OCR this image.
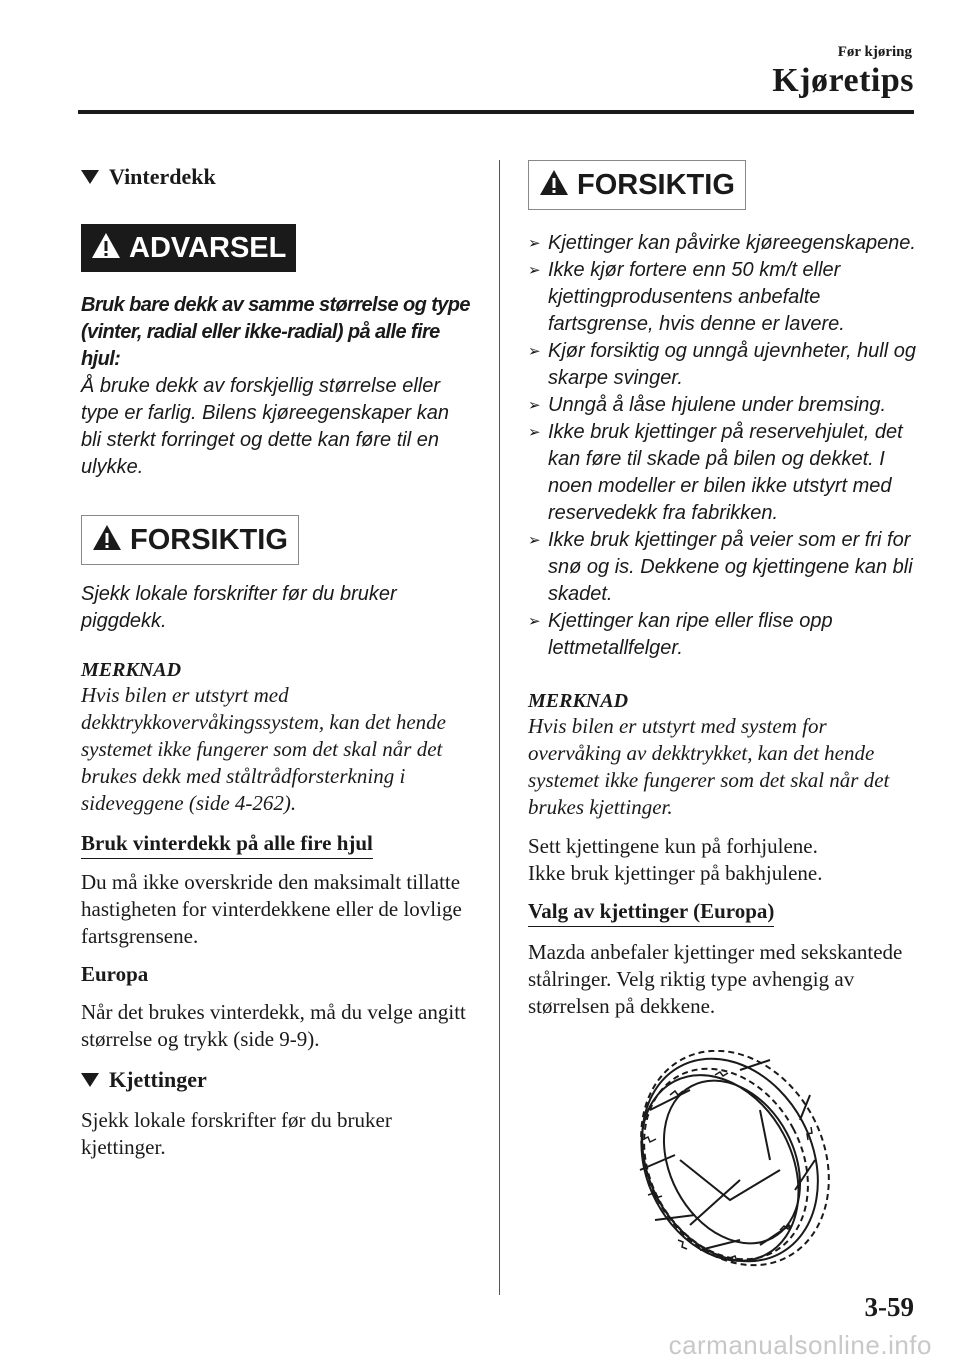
Før kjøring
Kjøretips
Vinterdekk
ADVARSEL
Bruk bare dekk av samme størrelse og type (vinter, radial eller ikke-radial) på alle fire hjul:
Å bruke dekk av forskjellig størrelse eller type er farlig. Bilens kjøreegenskaper kan bli sterkt forringet og dette kan føre til en ulykke.
FORSIKTIG
Sjekk lokale forskrifter før du bruker piggdekk.
MERKNAD
Hvis bilen er utstyrt med dekktrykkovervåkingssystem, kan det hende systemet ikke fungerer som det skal når det brukes dekk med ståltrådforsterkning i sideveggene (side 4-262).
Bruk vinterdekk på alle fire hjul
Du må ikke overskride den maksimalt tillatte hastigheten for vinterdekkene eller de lovlige fartsgrensene.
Europa
Når det brukes vinterdekk, må du velge angitt størrelse og trykk (side 9-9).
Kjettinger
Sjekk lokale forskrifter før du bruker kjettinger.
FORSIKTIG
➢ Kjettinger kan påvirke kjøreegenskapene.
➢ Ikke kjør fortere enn 50 km/t eller kjettingprodusentens anbefalte fartsgrense, hvis denne er lavere.
➢ Kjør forsiktig og unngå ujevnheter, hull og skarpe svinger.
➢ Unngå å låse hjulene under bremsing.
➢ Ikke bruk kjettinger på reservehjulet, det kan føre til skade på bilen og dekket. I noen modeller er bilen ikke utstyrt med reservedekk fra fabrikken.
➢ Ikke bruk kjettinger på veier som er fri for snø og is. Dekkene og kjettingene kan bli skadet.
➢ Kjettinger kan ripe eller flise opp lettmetallfelger.
MERKNAD
Hvis bilen er utstyrt med system for overvåking av dekktrykket, kan det hende systemet ikke fungerer som det skal når det brukes kjettinger.
Sett kjettingene kun på forhjulene.
Ikke bruk kjettinger på bakhjulene.
Valg av kjettinger (Europa)
Mazda anbefaler kjettinger med sekskantede stålringer. Velg riktig type avhengig av størrelsen på dekkene.
3-59
carmanualsonline.info
